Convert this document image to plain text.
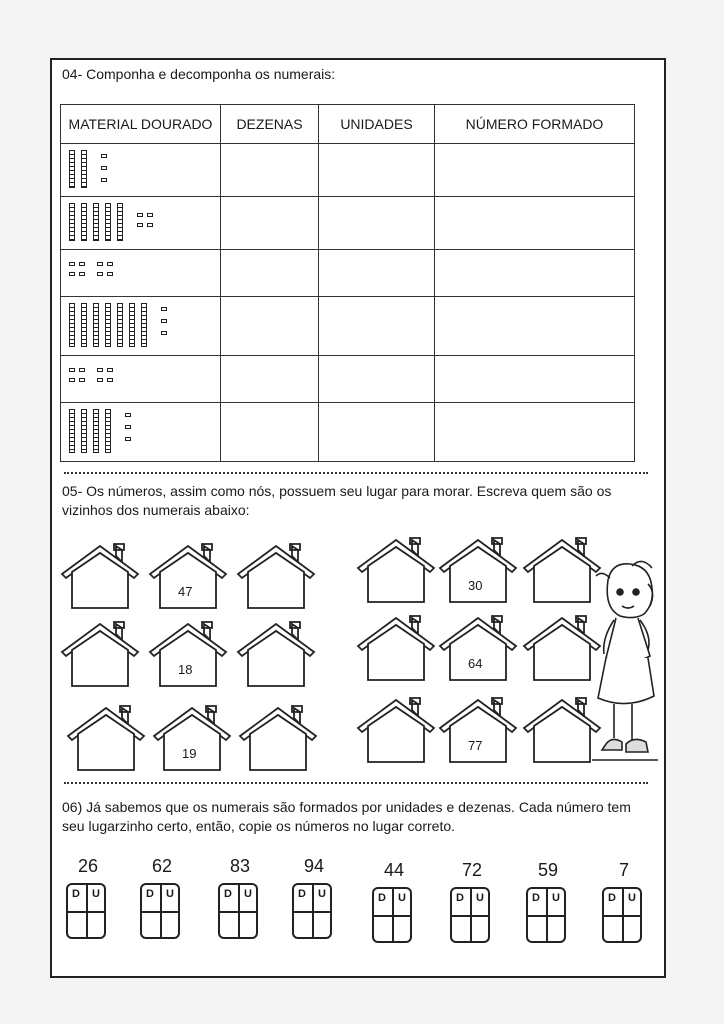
04- Componha e decomponha os numerais:
MATERIAL DOURADO	DEZENAS	UNIDADES	NÚMERO FORMADO

05- Os números, assim como nós, possuem seu lugar para morar. Escreva quem são os vizinhos dos numerais abaixo:
47
18
19
30
64
77
06) Já sabemos que os numerais são formados por unidades e dezenas. Cada número tem seu lugarzinho certo, então, copie os números no lugar correto.
26
D U
62
D U
83
D U
94
D U
44
D U
72
D U
59
D U
7
D U
